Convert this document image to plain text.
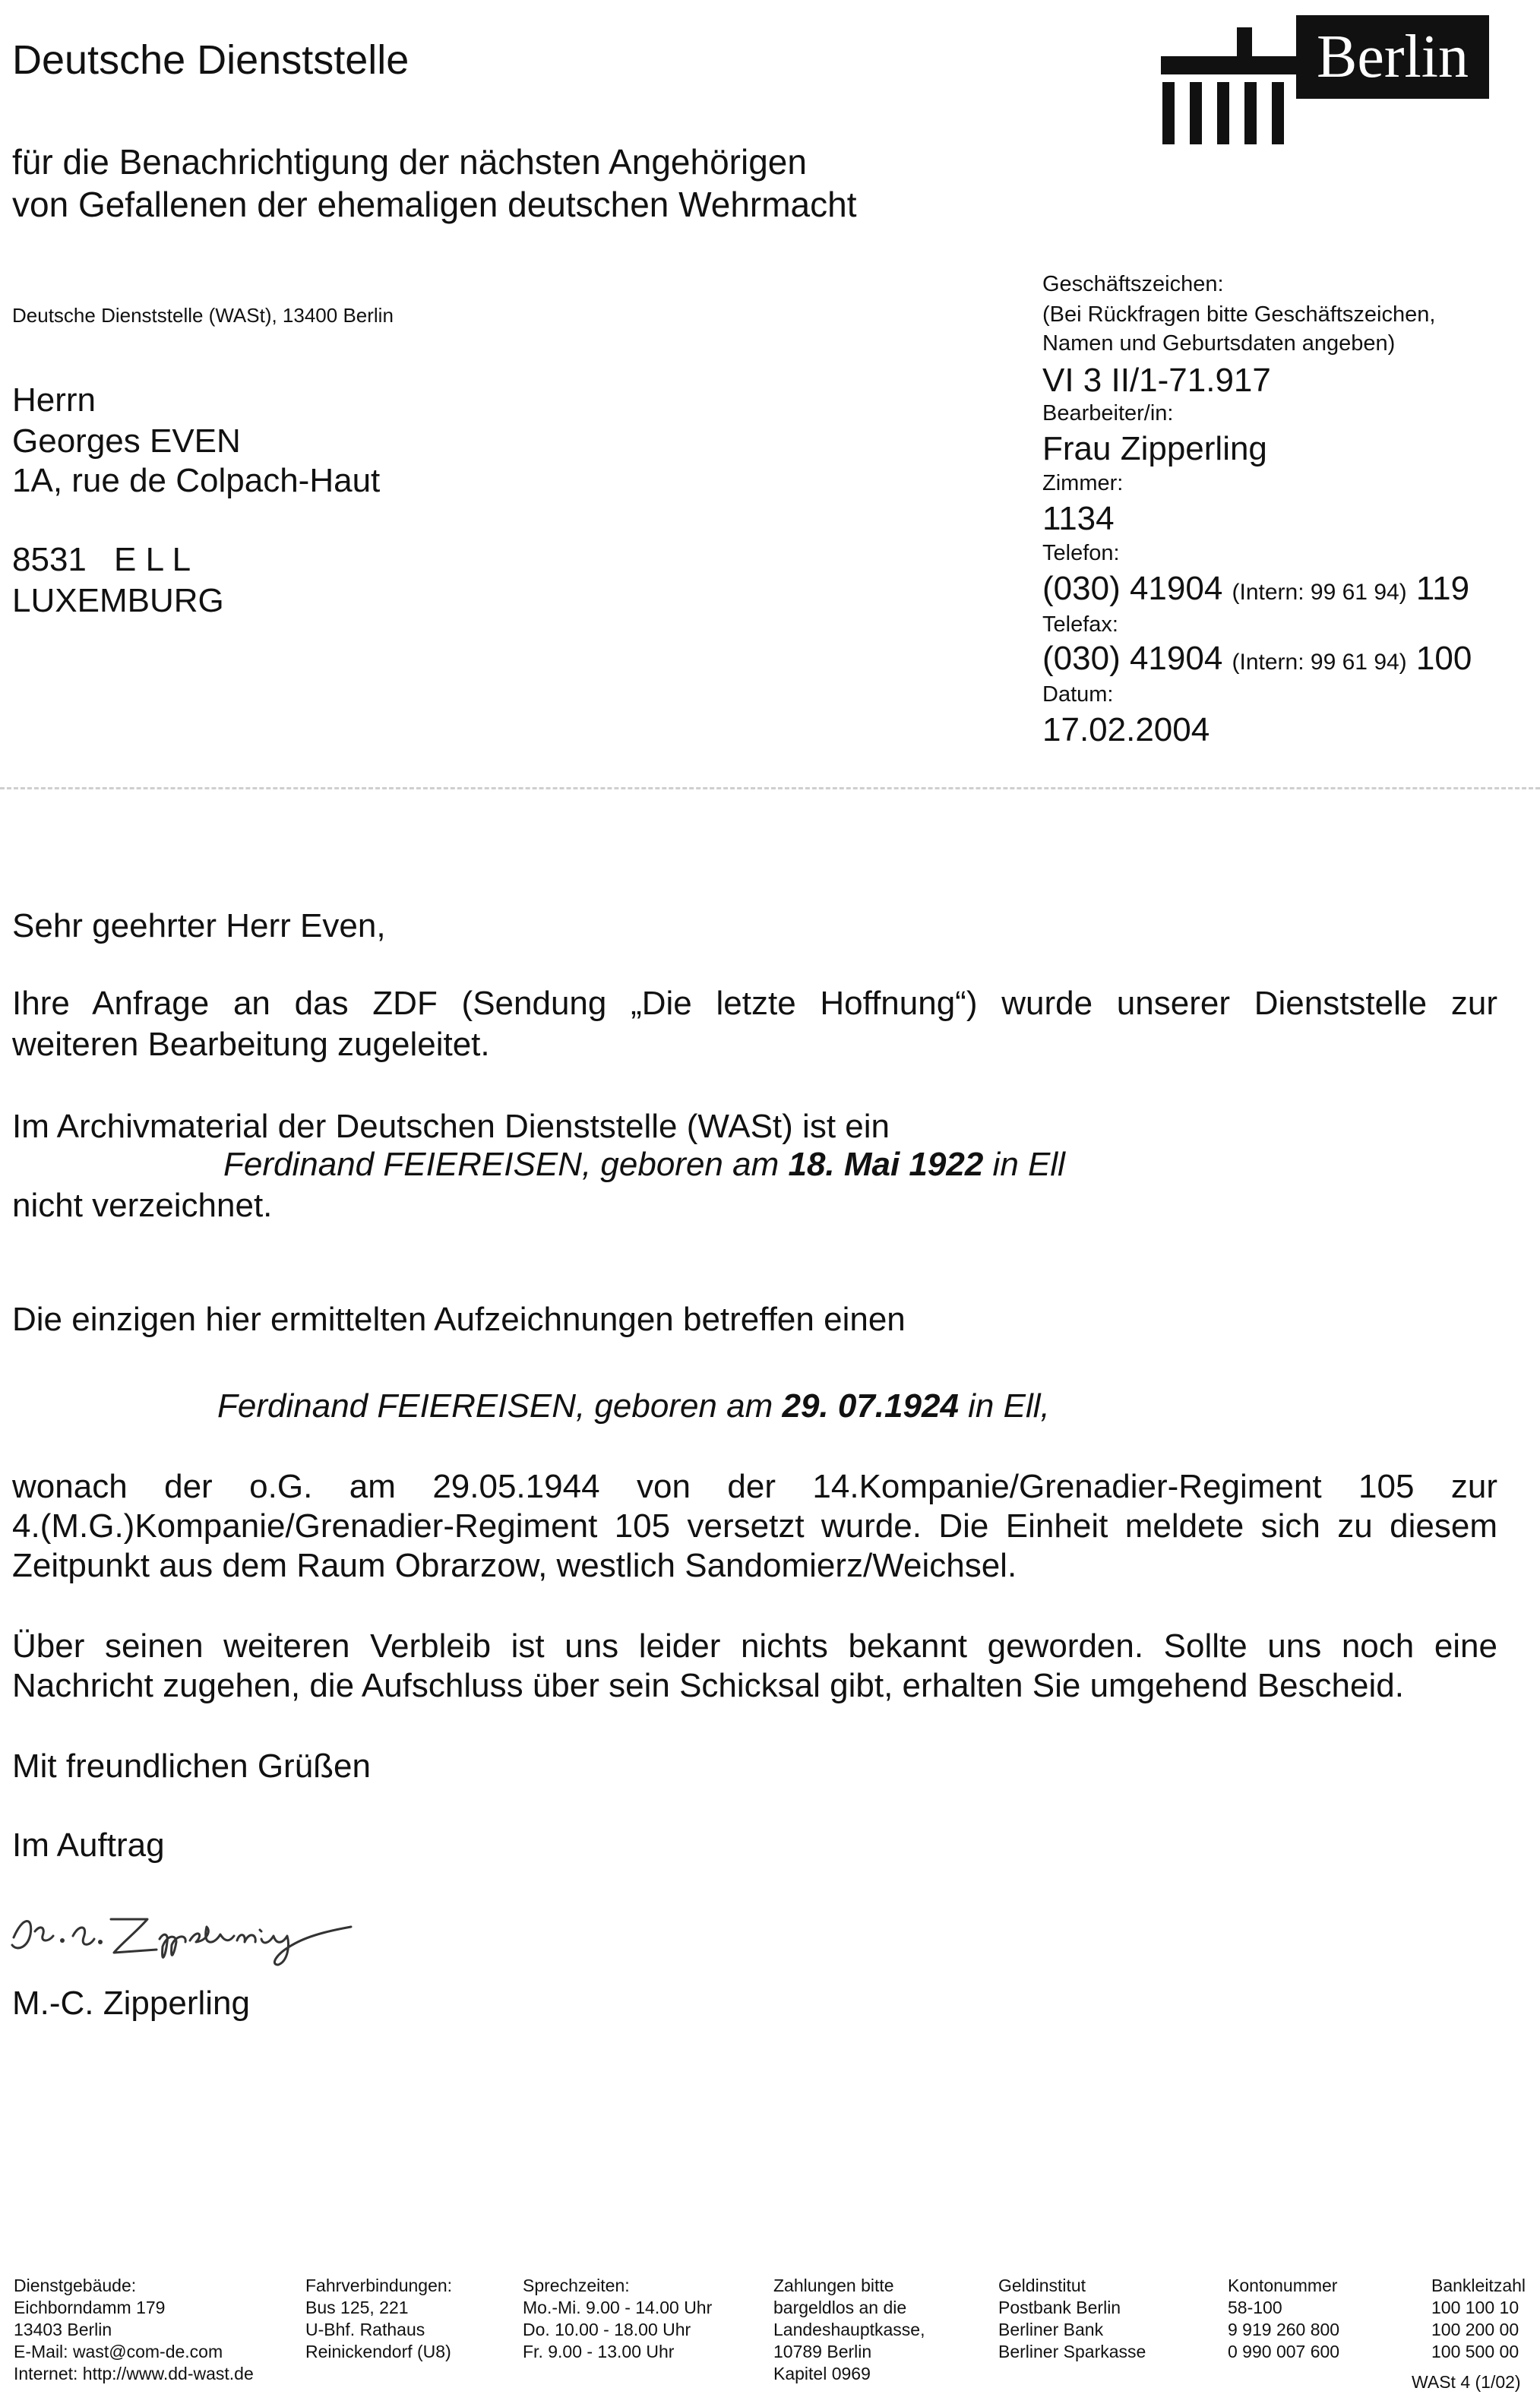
Deutsche Dienststelle
für die Benachrichtigung der nächsten Angehörigen
von Gefallenen der ehemaligen deutschen Wehrmacht
Berlin
Deutsche Dienststelle (WASt), 13400 Berlin
Herrn
Georges EVEN
1A, rue de Colpach-Haut
8531 E L L
LUXEMBURG
Geschäftszeichen:
(Bei Rückfragen bitte Geschäftszeichen,
Namen und Geburtsdaten angeben)
VI 3 II/1-71.917
Bearbeiter/in:
Frau Zipperling
Zimmer:
1134
Telefon:
(030) 41904 (Intern: 99 61 94) 119
Telefax:
(030) 41904 (Intern: 99 61 94) 100
Datum:
17.02.2004
Sehr geehrter Herr Even,
Ihre Anfrage an das ZDF (Sendung „Die letzte Hoffnung“) wurde unserer Dienststelle zur
weiteren Bearbeitung zugeleitet.
Im Archivmaterial der Deutschen Dienststelle (WASt) ist ein
Ferdinand FEIEREISEN, geboren am 18. Mai 1922 in Ell
nicht verzeichnet.
Die einzigen hier ermittelten Aufzeichnungen betreffen einen
Ferdinand FEIEREISEN, geboren am 29. 07.1924 in Ell,
wonach der o.G. am 29.05.1944 von der 14.Kompanie/Grenadier-Regiment 105 zur
4.(M.G.)Kompanie/Grenadier-Regiment 105 versetzt wurde. Die Einheit meldete sich zu diesem
Zeitpunkt aus dem Raum Obrarzow, westlich Sandomierz/Weichsel.
Über seinen weiteren Verbleib ist uns leider nichts bekannt geworden. Sollte uns noch eine
Nachricht zugehen, die Aufschluss über sein Schicksal gibt, erhalten Sie umgehend Bescheid.
Mit freundlichen Grüßen
Im Auftrag
M.-C. Zipperling
Dienstgebäude:
Eichborndamm 179
13403 Berlin
E-Mail: wast@com-de.com
Internet: http://www.dd-wast.de
Fahrverbindungen:
Bus 125, 221
U-Bhf. Rathaus
Reinickendorf (U8)
Sprechzeiten:
Mo.-Mi. 9.00 - 14.00 Uhr
Do. 10.00 - 18.00 Uhr
Fr. 9.00 - 13.00 Uhr
Zahlungen bitte
bargeldlos an die
Landeshauptkasse,
10789 Berlin
Kapitel 0969
Geldinstitut
Postbank Berlin
Berliner Bank
Berliner Sparkasse
Kontonummer
58-100
9 919 260 800
0 990 007 600
Bankleitzahl
100 100 10
100 200 00
100 500 00
WASt 4 (1/02)
